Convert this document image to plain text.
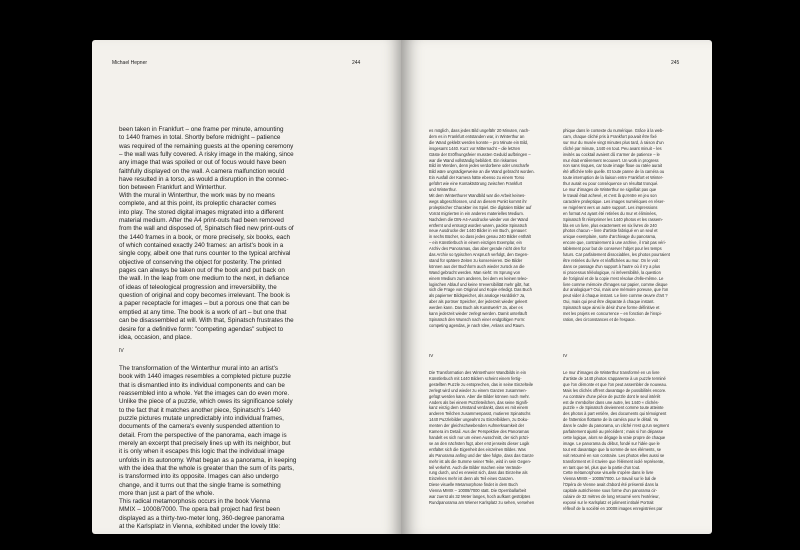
Michael Hepner	244
been taken in Frankfurt – one frame per minute, amounting
to 1440 frames in total. Shortly before midnight – patience
was required of the remaining guests at the opening ceremony
– the wall was fully covered. A risky image in the making, since
any image that was spoiled or out of focus would have been
faithfully displayed on the wall. A camera malfunction would
have resulted in a torso, as would a disruption in the connec-
tion between Frankfurt and Winterthur.
With the mural in Winterthur, the work was by no means
complete, and at this point, its proleptic character comes
into play. The stored digital images migrated into a different
material medium. After the A4 print-outs had been removed
from the wall and disposed of, Spinatsch filed new print-outs of
the 1440 frames in a book, or more precisely, six books, each
of which contained exactly 240 frames: an artist's book in a
single copy, albeit one that runs counter to the typical archival
objective of conserving the object for posterity. The printed
pages can always be taken out of the book and put back on
the wall. In the leap from one medium to the next, in defiance
of ideas of teleological progression and irreversibility, the
question of original and copy becomes irrelevant. The book is
a paper receptacle for images – but a porous one that can be
emptied at any time. The book is a work of art – but one that
can be disassembled at will. With that, Spinatsch frustrates the
desire for a definitive form: "competing agendas" subject to
idea, occasion, and place.
IV
The transformation of the Winterthur mural into an artist's
book with 1440 images resembles a completed picture puzzle
that is dismantled into its individual components and can be
reassembled into a whole. Yet the images can do even more.
Unlike the piece of a puzzle, which owes its significance solely
to the fact that it matches another piece, Spinatsch's 1440
puzzle pictures mutate unpredictably into individual frames,
documents of the camera's evenly suspended attention to
detail. From the perspective of the panorama, each image is
merely an excerpt that precisely lines up with its neighbor, but
it is only when it escapes this logic that the individual image
unfolds in its autonomy. What began as a panorama, in keeping
with the idea that the whole is greater than the sum of its parts,
is transformed into its opposite. Images can also undergo
change, and it turns out that the single frame is something
more than just a part of the whole.
This radical metamorphosis occurs in the book Vienna
MMIX – 10008/7000. The opera ball project had first been
displayed as a thirty-two-meter long, 360-degree panorama
at the Karlsplatz in Vienna, exhibited under the lovely title:
245
es möglich, dass jedes Bild ungefähr 20 Minuten, nach-
dem es in Frankfurt entstanden war, in Winterthur an
die Wand geklebt werden konnte – pro Minute ein Bild,
insgesamt 1440. Kurz vor Mitternacht – die letzten
Gäste der Eröffnungsfeier mussten Geduld aufbringen –
war die Wand vollständig bebildert. Ein riskantes
Bild im Werden, denn jedes verdorbene oder unscharfe
Bild wäre ungnädigerweise an die Wand gebracht worden.
Ein Ausfall der Kamera hätte ebenso zu einem Torso
geführt wie eine Kontaktstörung zwischen Frankfurt
und Winterthur.
Mit dem Winterthurer Wandbild war die Arbeit keines-
wegs abgeschlossen, und an diesem Punkt kommt ihr
proleptischer Charakter ins Spiel. Die digitalen Bilder auf
Vorrat migrierten in ein anderes materielles Medium.
Nachdem die DIN-A4-Ausdrucke wieder von der Wand
entfernt und entsorgt worden waren, packte Spinatsch
neue Ausdrucke der 1440 Bilder in ein Buch, genauer:
in sechs Bücher, so dass jedes genau 240 Bilder enthält
– ein Künstlerbuch in einem einzigen Exemplar, ein
Archiv des Panoramas, das aber gerade nicht den für
das Archiv so typischen Anspruch verfolgt, den Gegen-
stand für spätere Zeiten zu konservieren. Die Bilder
können aus der Buchform auch wieder zurück an die
Wand gebracht werden. Man sieht: Im Sprung von
einem Medium zum anderen, bei dem es keinen teleo-
logischen Ablauf und keine Irreversibilität mehr gibt, hat
sich die Frage von Original und Kopie erledigt. Das Buch
als papierner Bildspeicher, als analoge Harddisk? Ja,
aber als poröser Speicher, der jederzeit wieder geleert
werden kann. Das Buch als Kunstwerk? Ja, aber es
kann jederzeit wieder zerlegt werden. Damit unterläuft
Spinatsch den Wunsch nach einer endgültigen Form:
competing agendas, je nach Idee, Anlass und Raum.
IV
Die Transformation des Winterthurer Wandbilds in ein
Künstlerbuch mit 1440 Bildern scheint einem fertig-
gestellten Puzzle zu entsprechen, das in seine Einzelteile
zerlegt wird und wieder zu einem Ganzen zusammen-
gefügt werden kann. Aber die Bilder können noch mehr.
Anders als bei einem Puzzleteilchen, das seine Signifi-
kanz einzig dem Umstand verdankt, dass es mit einem
anderen Teilchen zusammenpasst, mutieren Spinatschs
1440 Puzzlebilder ungeahnt zu Einzelbildern, zu Doku-
menten der gleichschwebenden Aufmerksamkeit der
Kamera im Detail. Aus der Perspektive des Panoramas
handelt es sich nur um einen Ausschnitt, der sich präzi-
se an den nächsten fügt, aber erst jenseits dieser Logik
entfaltet sich die Eigenheit des einzelnen Bildes. Was
als Panorama anfing und der Idee folgte, dass das Ganze
mehr ist als die Summe seiner Teile, wird in sein Gegen-
teil verkehrt. Auch die Bilder machen eine Verände-
rung durch, und es erweist sich, dass das Einzelne als
Einzelnes mehr ist denn als Teil eines Ganzen.
Diese visuelle Metamorphose findet in dem Buch
Vienna MMIX – 10008/7000 statt. Die Opernballarbeit
war zuerst als 32 Meter langes, hoch aufkant gestülptes
Rundpanorama am Wiener Karlsplatz zu sehen, versehen
phique dans le contexte du numérique. Grâce à la web-
cam, chaque cliché pris à Frankfort pouvait être fixé
sur mur du musée vingt minutes plus tard, à raison d'un
cliché par minute, 1440 en tout. Peu avant minuit – les
invités au cocktail avaient dû s'armer de patience – le
mur était entièrement recouvert. Un work in progress
non sans risques, car toute image floue ou ratée aurait
été affichée telle quelle. Et toute panne de la caméra ou
toute interruption de la liaison entre Frankfort et Winter-
thur aurait eu pour conséquence un résultat tronqué.
Le mur d'images de Winterthur ne signifiait pas que
le travail était achevé, et c'est là qu'entre en jeu son
caractère proleptique. Les images numériques en réser-
ve migrèrent vers un autre support. Les impressions
en format A4 ayant été retirées du mur et éliminées,
Spinatsch fit réimprimer les 1440 photos et les rassem-
bla en un livre, plus exactement en six livres de 240
photos chacun – livre d'artiste fabriqué en un seul et
unique exemplaire, sorte d'archivage du panorama,
encore que, contrairement à une archive, il n'ait pas véri-
tablement pour but de conserver l'objet pour les temps
futurs. Car parfaitement dissociables, les photos pourraient
être retirées du livre et réaffichées au mur. On le voit :
dans ce passage d'un support à l'autre où il n'y a plus
ni processus téléologique, ni irréversibilité, la question
de l'original et de la copie n'est résolue d'elle-même. Le
livre comme mémoire d'images sur papier, comme disque
dur analogique? Oui, mais une mémoire poreuse, que l'on
peut vider à chaque instant. Le livre comme œuvre d'art ?
Oui, mais qui peut être disparate à chaque instant.
Spinatsch sape ainsi le désir d'une forme définitive et
met les projets en concurrence – en fonction de l'inspi-
ration, des circonstances et de l'espace.
IV
Le mur d'images de Winterthur transformé en un livre
d'artiste de 1440 photos s'apparente à un puzzle terminé
que l'on démonte et que l'on peut assembler de nouveau.
Mais les clichés offrent davantage de possibilités encore.
Au contraire d'une pièce de puzzle dont le seul intérêt
est de s'emboîter dans une autre, les 1440 « clichés-
puzzle » de Spinatsch deviennent comme toute atteinte
des photos à part entière, des documents qui témoignent
de l'attention flottante de la caméra pour le détail. Vu
dans le cadre du panorama, un cliché n'est qu'un segment
parfaitement ajusté au précédent ; mais si l'on dépasse
cette logique, alors se dégage la vraie propre de chaque
image. Le panorama du début, fondé sur l'idée que le
tout est davantage que la somme de ses éléments, se
voit retourné en son contraire. Les photos elles aussi se
transforment et il s'avère que l'élément isolé représente,
en tant que tel, plus que la partie d'un tout.
Cette métamorphose visuelle s'opère dans le livre
Vienna MMIX – 10008/7000. Le travail sur le bal de
l'Opéra de Vienne avait d'abord été présenté dans la
capitale autrichienne sous forme d'un panorama cir-
culaire de 32 mètres de long retourné vers l'extérieur,
exposé sur le Karlsplatz et joliment intitulé Portrait
réflexif de la société en 10008 images enregistrées par
